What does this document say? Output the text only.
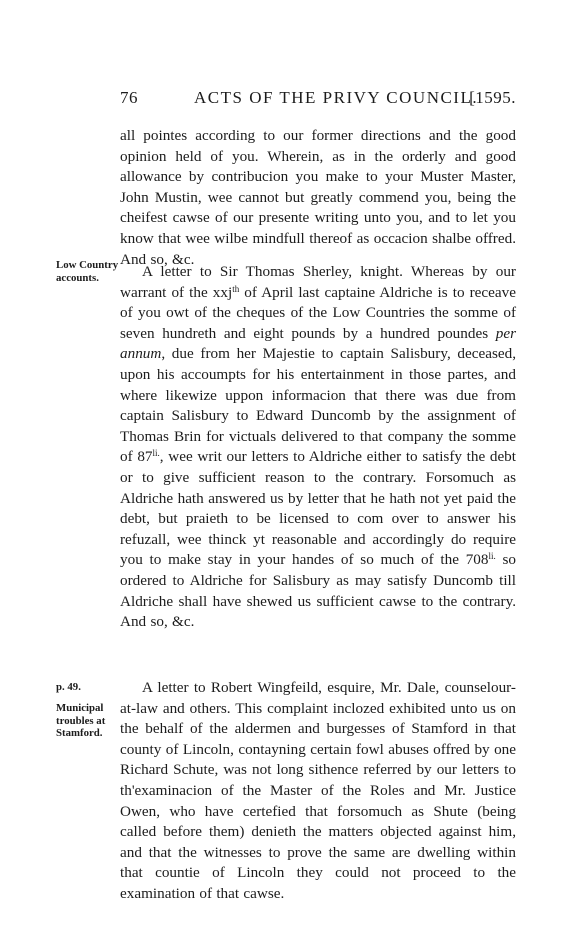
76	ACTS OF THE PRIVY COUNCIL.
[1595.

all pointes according to our former directions and the good opinion held of you. Wherein, as in the orderly and good allowance by contribucion you make to your Muster Master, John Mustin, wee cannot but greatly commend you, being the cheifest cawse of our presente writing unto you, and to let you know that wee wilbe mindfull thereof as occacion shalbe offred. And so, &c.

Low Country accounts.	A letter to Sir Thomas Sherley, knight. Whereas by our warrant of the xxj$^{th}$ of April last captaine Aldriche is to receave of you owt of the cheques of the Low Countries the somme of seven hundreth and eight pounds by a hundred poundes per annum, due from her Majestie to captain Salisbury, deceased, upon his accoumpts for his entertainment in those partes, and where likewize uppon informacion that there was due from captain Salisbury to Edward Duncomb by the assignment of Thomas Brin for victuals delivered to that company the somme of $87^{li.}$, wee writ our letters to Aldriche either to satisfy the debt or to give sufficient reason to the contrary. Forsomuch as Aldriche hath answered us by letter that he hath not yet paid the debt, but praieth to be licensed to com over to answer his refuzall, wee thinck yt reasonable and accordingly do require you to make stay in your handes of so much of the $708^{li.}$ so ordered to Aldriche for Salisbury as may satisfy Duncomb till Aldriche shall have shewed us sufficient cawse to the contrary. And so, &c.

p. 49.
Municipal troubles at Stamford.

A letter to Robert Wingfeild, esquire, Mr. Dale, counselour-at-law and others. This complaint inclozed exhibited unto us on the behalf of the aldermen and burgesses of Stamford in that county of Lincoln, contayning certain fowl abuses offred by one Richard Schute, was not long sithence referred by our letters to th'examinacion of the Master of the Roles and Mr. Justice Owen, who have certefied that forsomuch as Shute (being called before them) denieth the matters objected against him, and that the witnesses to prove the same are dwelling within that countie of Lincoln they could not proceed to the examination of that cawse.
